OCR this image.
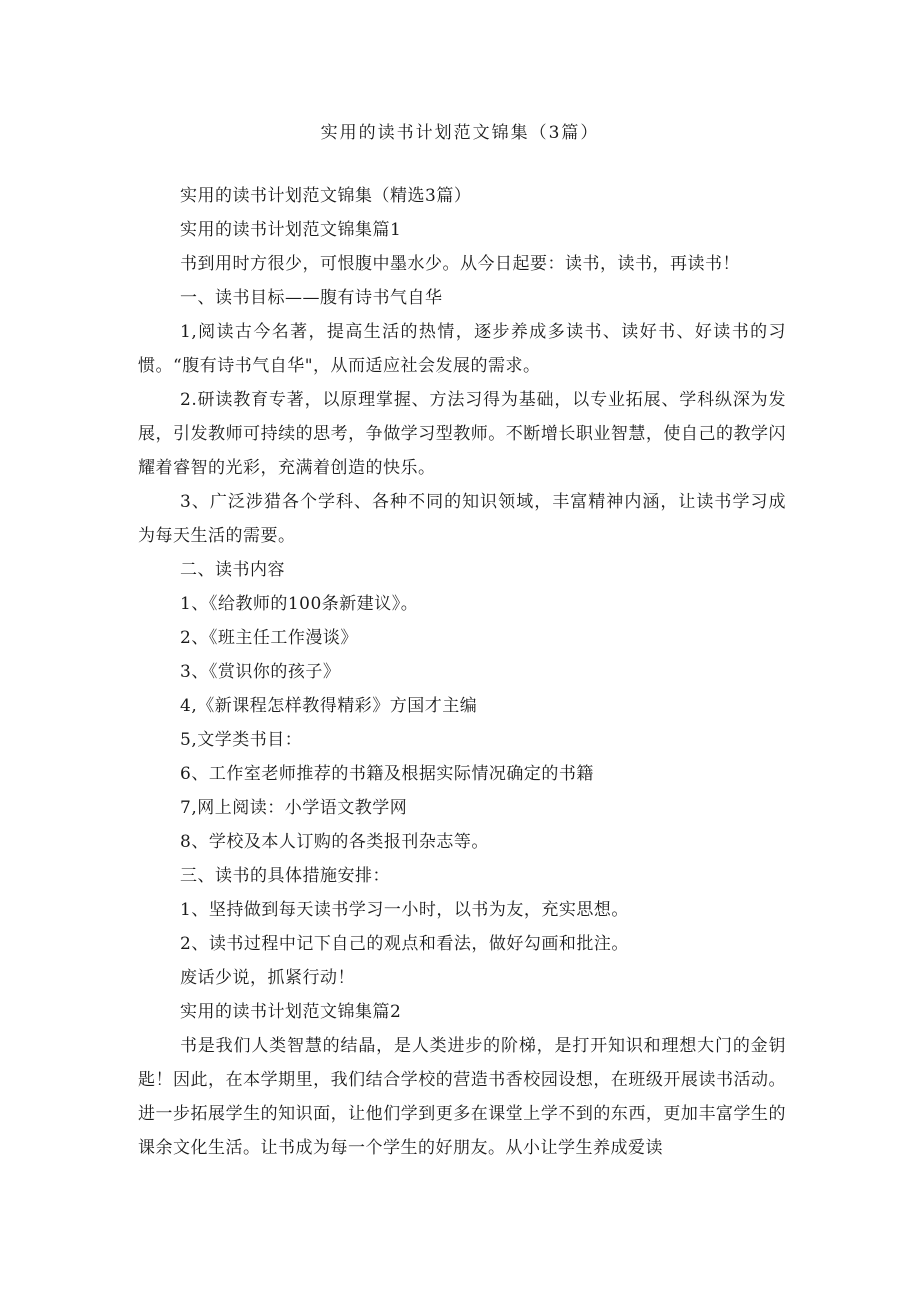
实用的读书计划范文锦集（3篇）

实用的读书计划范文锦集（精选3篇）

实用的读书计划范文锦集篇1

书到用时方很少，可恨腹中墨水少。从今日起要：读书，读书，再读书！

一、读书目标——腹有诗书气自华

1,阅读古今名著，提高生活的热情，逐步养成多读书、读好书、好读书的习惯。“腹有诗书气自华"，从而适应社会发展的需求。

2.研读教育专著，以原理掌握、方法习得为基础，以专业拓展、学科纵深为发展，引发教师可持续的思考，争做学习型教师。不断增长职业智慧，使自己的教学闪耀着睿智的光彩，充满着创造的快乐。

3、广泛涉猎各个学科、各种不同的知识领域，丰富精神内涵，让读书学习成为每天生活的需要。

二、读书内容

1、《给教师的100条新建议》。

2、《班主任工作漫谈》

3、《赏识你的孩子》

4,《新课程怎样教得精彩》方国才主编

5,文学类书目：

6、工作室老师推荐的书籍及根据实际情况确定的书籍

7,网上阅读：小学语文教学网

8、学校及本人订购的各类报刊杂志等。

三、读书的具体措施安排：

1、坚持做到每天读书学习一小时，以书为友，充实思想。

2、读书过程中记下自己的观点和看法，做好勾画和批注。

废话少说，抓紧行动！

实用的读书计划范文锦集篇2

书是我们人类智慧的结晶，是人类进步的阶梯，是打开知识和理想大门的金钥匙！因此，在本学期里，我们结合学校的营造书香校园设想，在班级开展读书活动。进一步拓展学生的知识面，让他们学到更多在课堂上学不到的东西，更加丰富学生的课余文化生活。让书成为每一个学生的好朋友。从小让学生养成爱读
